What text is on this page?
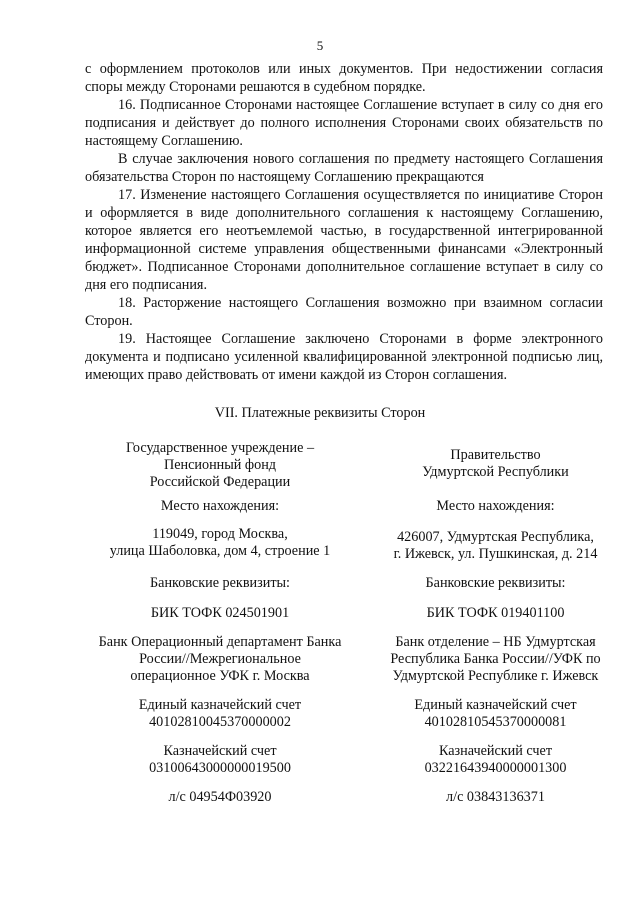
5

с оформлением протоколов или иных документов. При недостижении согласия споры между Сторонами решаются в судебном порядке.

16. Подписанное Сторонами настоящее Соглашение вступает в силу со дня его подписания и действует до полного исполнения Сторонами своих обязательств по настоящему Соглашению.

В случае заключения нового соглашения по предмету настоящего Соглашения обязательства Сторон по настоящему Соглашению прекращаются

17. Изменение настоящего Соглашения осуществляется по инициативе Сторон и оформляется в виде дополнительного соглашения к настоящему Соглашению, которое является его неотъемлемой частью, в государственной интегрированной информационной системе управления общественными финансами «Электронный бюджет». Подписанное Сторонами дополнительное соглашение вступает в силу со дня его подписания.

18. Расторжение настоящего Соглашения возможно при взаимном согласии Сторон.

19. Настоящее Соглашение заключено Сторонами в форме электронного документа и подписано усиленной квалифицированной электронной подписью лиц, имеющих право действовать от имени каждой из Сторон соглашения.

VII. Платежные реквизиты Сторон
Государственное учреждение –
Пенсионный фонд
Российской Федерации
Место нахождения:
119049, город Москва,
улица Шаболовка, дом 4, строение 1
Банковские реквизиты:
БИК ТОФК 024501901
Банк Операционный департамент Банка
России//Межрегиональное
операционное УФК г. Москва
Единый казначейский счет
40102810045370000002
Казначейский счет
03100643000000019500
л/с 04954Ф03920
Правительство
Удмуртской Республики
Место нахождения:
426007, Удмуртская Республика,
г. Ижевск, ул. Пушкинская, д. 214
Банковские реквизиты:
БИК ТОФК 019401100
Банк отделение – НБ Удмуртская
Республика Банка России//УФК по
Удмуртской Республике г. Ижевск
Единый казначейский счет
40102810545370000081
Казначейский счет
03221643940000001300
л/с 03843136371
